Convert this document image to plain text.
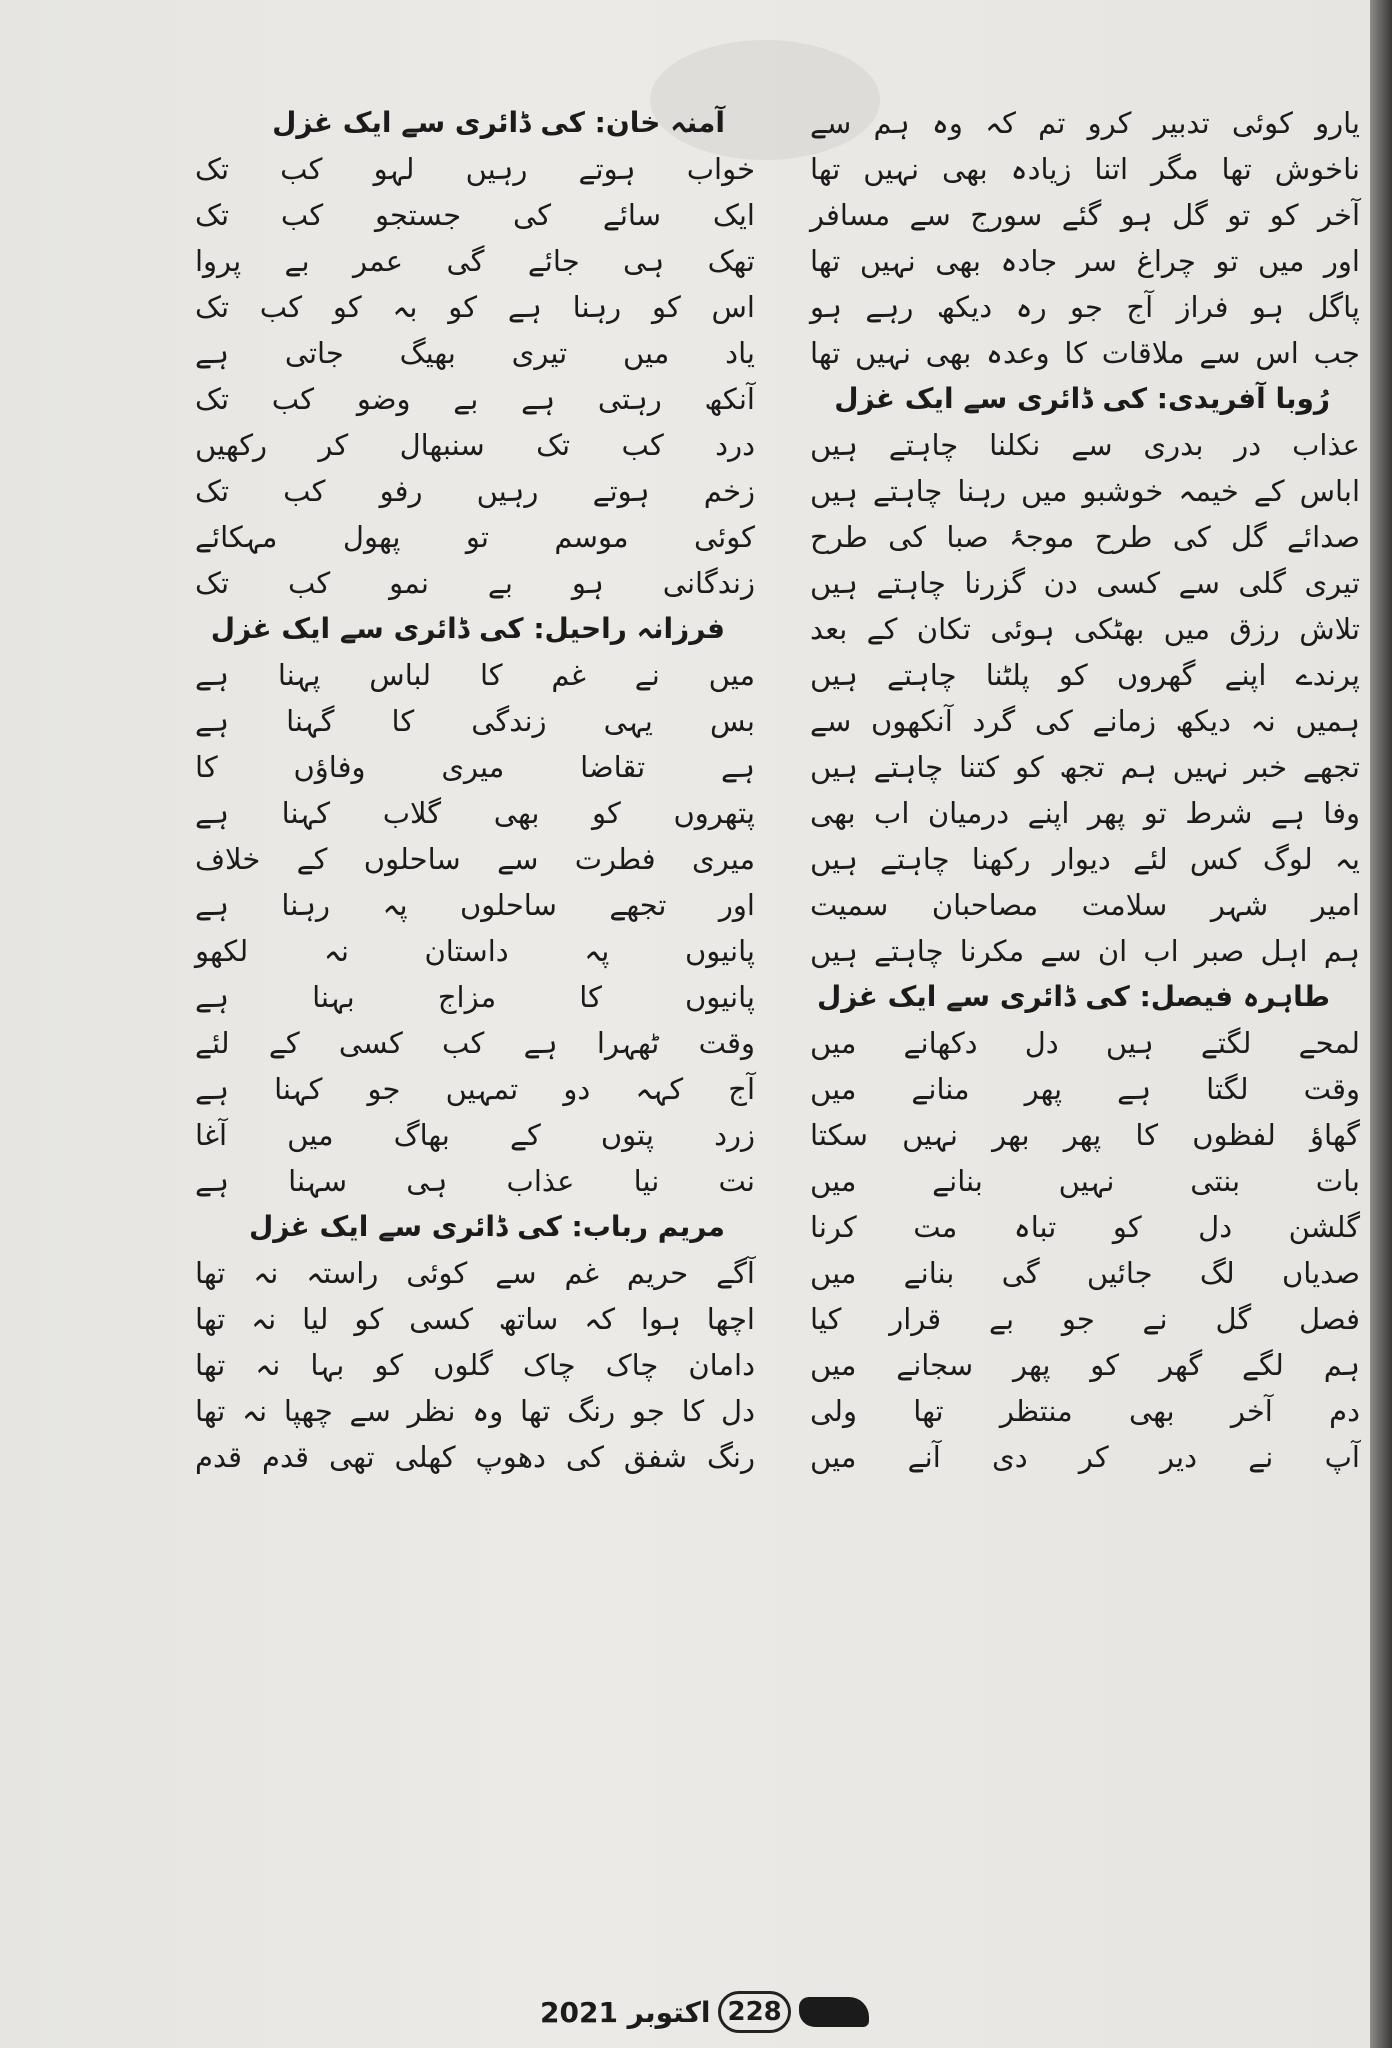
یارو کوئی تدبیر کرو تم کہ وہ ہم سے
ناخوش تھا مگر اتنا زیادہ بھی نہیں تھا
آخر کو تو گل ہو گئے سورج سے مسافر
اور میں تو چراغ سر جادہ بھی نہیں تھا
پاگل ہو فراز آج جو رہ دیکھ رہے ہو
جب اس سے ملاقات کا وعدہ بھی نہیں تھا
رُوبا آفریدی: کی ڈائری سے ایک غزل
عذاب در بدری سے نکلنا چاہتے ہیں
اباس کے خیمہ خوشبو میں رہنا چاہتے ہیں
صدائے گل کی طرح موجۂ صبا کی طرح
تیری گلی سے کسی دن گزرنا چاہتے ہیں
تلاش رزق میں بھٹکی ہوئی تکان کے بعد
پرندے اپنے گھروں کو پلٹنا چاہتے ہیں
ہمیں نہ دیکھ زمانے کی گرد آنکھوں سے
تجھے خبر نہیں ہم تجھ کو کتنا چاہتے ہیں
وفا ہے شرط تو پھر اپنے درمیان اب بھی
یہ لوگ کس لئے دیوار رکھنا چاہتے ہیں
امیر شہر سلامت مصاحبان سمیت
ہم اہل صبر اب ان سے مکرنا چاہتے ہیں
طاہرہ فیصل: کی ڈائری سے ایک غزل
لمحے لگتے ہیں دل دکھانے میں
وقت لگتا ہے پھر منانے میں
گھاؤ لفظوں کا پھر بھر نہیں سکتا
بات بنتی نہیں بنانے میں
گلشن دل کو تباہ مت کرنا
صدیاں لگ جائیں گی بنانے میں
فصل گل نے جو بے قرار کیا
ہم لگے گھر کو پھر سجانے میں
دم آخر بھی منتظر تھا ولی
آپ نے دیر کر دی آنے میں
آمنہ خان: کی ڈائری سے ایک غزل
خواب ہوتے رہیں لہو کب تک
ایک سائے کی جستجو کب تک
تھک ہی جائے گی عمر بے پروا
اس کو رہنا ہے کو بہ کو کب تک
یاد میں تیری بھیگ جاتی ہے
آنکھ رہتی ہے بے وضو کب تک
درد کب تک سنبھال کر رکھیں
زخم ہوتے رہیں رفو کب تک
کوئی موسم تو پھول مہکائے
زندگانی ہو بے نمو کب تک
فرزانہ راحیل: کی ڈائری سے ایک غزل
میں نے غم کا لباس پہنا ہے
بس یہی زندگی کا گہنا ہے
ہے تقاضا میری وفاؤں کا
پتھروں کو بھی گلاب کہنا ہے
میری فطرت سے ساحلوں کے خلاف
اور تجھے ساحلوں پہ رہنا ہے
پانیوں پہ داستان نہ لکھو
پانیوں کا مزاج بہنا ہے
وقت ٹھہرا ہے کب کسی کے لئے
آج کہہ دو تمہیں جو کہنا ہے
زرد پتوں کے بھاگ میں آغا
نت نیا عذاب ہی سہنا ہے
مریم رباب: کی ڈائری سے ایک غزل
آگے حریم غم سے کوئی راستہ نہ تھا
اچھا ہوا کہ ساتھ کسی کو لیا نہ تھا
دامان چاک چاک گلوں کو بہا نہ تھا
دل کا جو رنگ تھا وہ نظر سے چھپا نہ تھا
رنگ شفق کی دھوپ کھلی تھی قدم قدم
اکتوبر 2021 228
